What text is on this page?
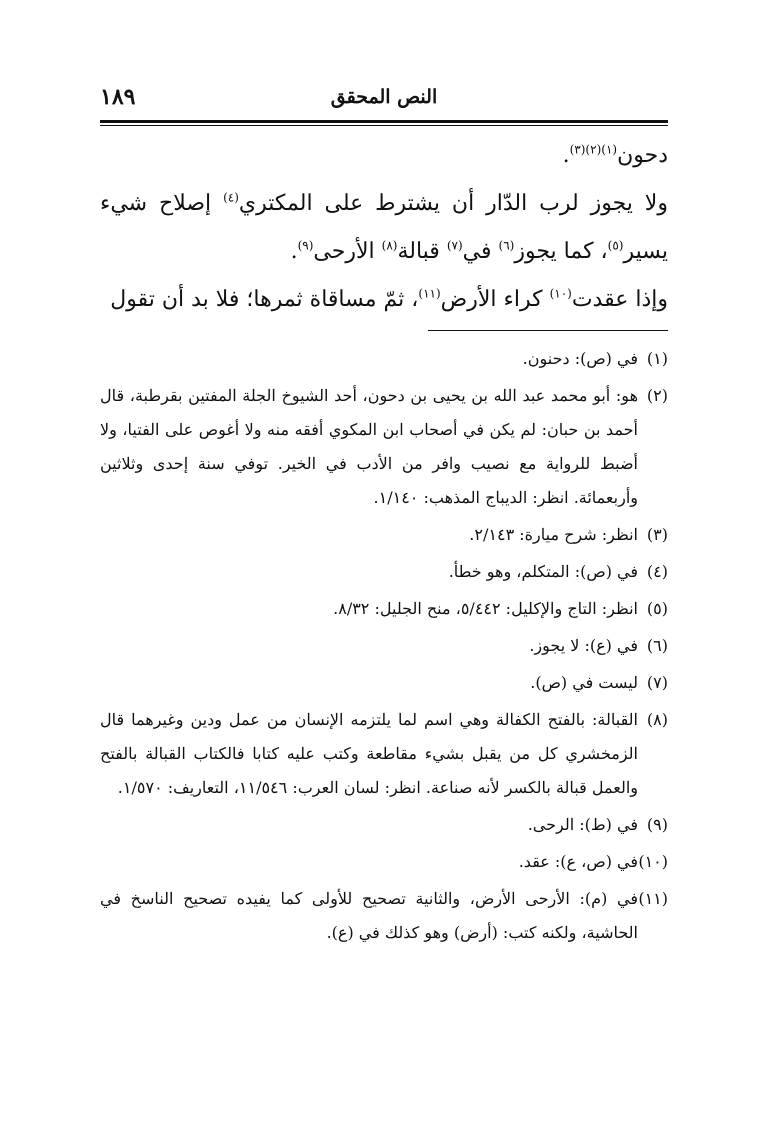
١٨٩	النص المحقق

دحون$^{(١)(٢)(٣)}$.

ولا يجوز لرب الدّار أن يشترط على المكتري$^{(٤)}$ إصلاح شيء يسير$^{(٥)}$، كما يجوز$^{(٦)}$ في$^{(٧)}$ قبالة$^{(٨)}$ الأرحى$^{(٩)}$.

وإذا عقدت$^{(١٠)}$ كراء الأرض$^{(١١)}$، ثمّ مساقاة ثمرها؛ فلا بد أن تقول

(١)
في (ص): دحنون.
(٢)
هو: أبو محمد عبد الله بن يحيى بن دحون، أحد الشيوخ الجلة المفتين بقرطبة، قال أحمد بن حبان: لم يكن في أصحاب ابن المكوي أفقه منه ولا أغوص على الفتيا، ولا أضبط للرواية مع نصيب وافر من الأدب في الخير. توفي سنة إحدى وثلاثين وأربعمائة. انظر: الديباج المذهب: ١/١٤٠.
(٣)
انظر: شرح ميارة: ٢/١٤٣.
(٤)
في (ص): المتكلم، وهو خطأ.
(٥)
انظر: التاج والإكليل: ٥/٤٤٢، منح الجليل: ٨/٣٢.
(٦)
في (ع): لا يجوز.
(٧)
ليست في (ص).
(٨)
القبالة: بالفتح الكفالة وهي اسم لما يلتزمه الإنسان من عمل ودين وغيرهما قال الزمخشري كل من يقبل بشيء مقاطعة وكتب عليه كتابا فالكتاب القبالة بالفتح والعمل قبالة بالكسر لأنه صناعة. انظر: لسان العرب: ١١/٥٤٦، التعاريف: ١/٥٧٠.
(٩)
في (ط): الرحى.
(١٠)
في (ص، ع): عقد.
(١١)
في (م): الأرحى الأرض، والثانية تصحيح للأولى كما يفيده تصحيح الناسخ في الحاشية، ولكنه كتب: (أرض) وهو كذلك في (ع).
